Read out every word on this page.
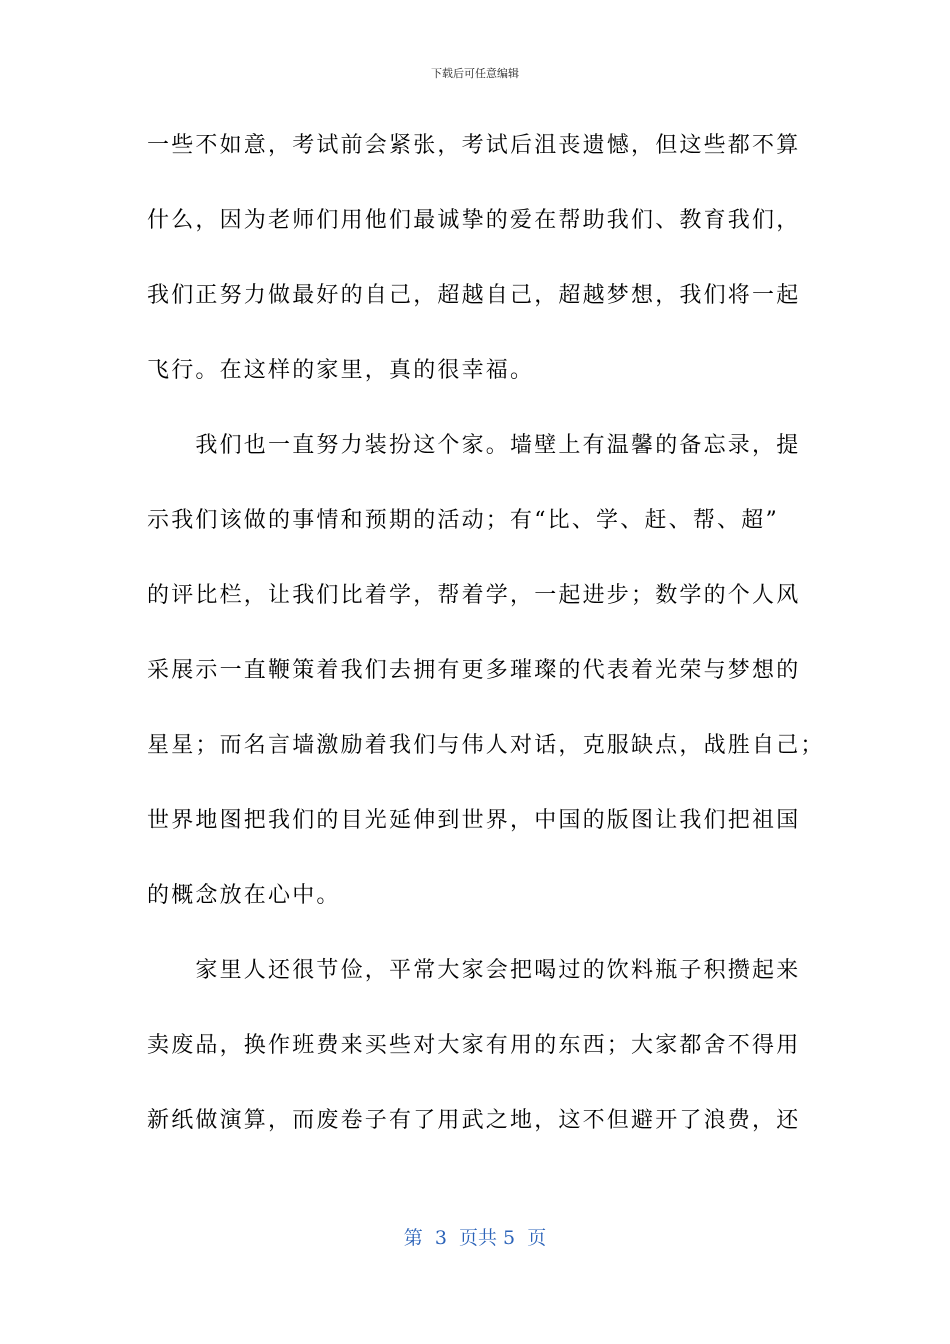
下载后可任意编辑
一些不如意，考试前会紧张，考试后沮丧遗憾，但这些都不算
什么，因为老师们用他们最诚挚的爱在帮助我们、教育我们，
我们正努力做最好的自己，超越自己，超越梦想，我们将一起
飞行。在这样的家里，真的很幸福。
　　我们也一直努力装扮这个家。墙壁上有温馨的备忘录，提
示我们该做的事情和预期的活动；有“比、学、赶、帮、超”
的评比栏，让我们比着学，帮着学，一起进步；数学的个人风
采展示一直鞭策着我们去拥有更多璀璨的代表着光荣与梦想的
星星；而名言墙激励着我们与伟人对话，克服缺点，战胜自己；
世界地图把我们的目光延伸到世界，中国的版图让我们把祖国
的概念放在心中。
　　家里人还很节俭，平常大家会把喝过的饮料瓶子积攒起来
卖废品，换作班费来买些对大家有用的东西；大家都舍不得用
新纸做演算，而废卷子有了用武之地，这不但避开了浪费，还
第  3  页共 5  页
